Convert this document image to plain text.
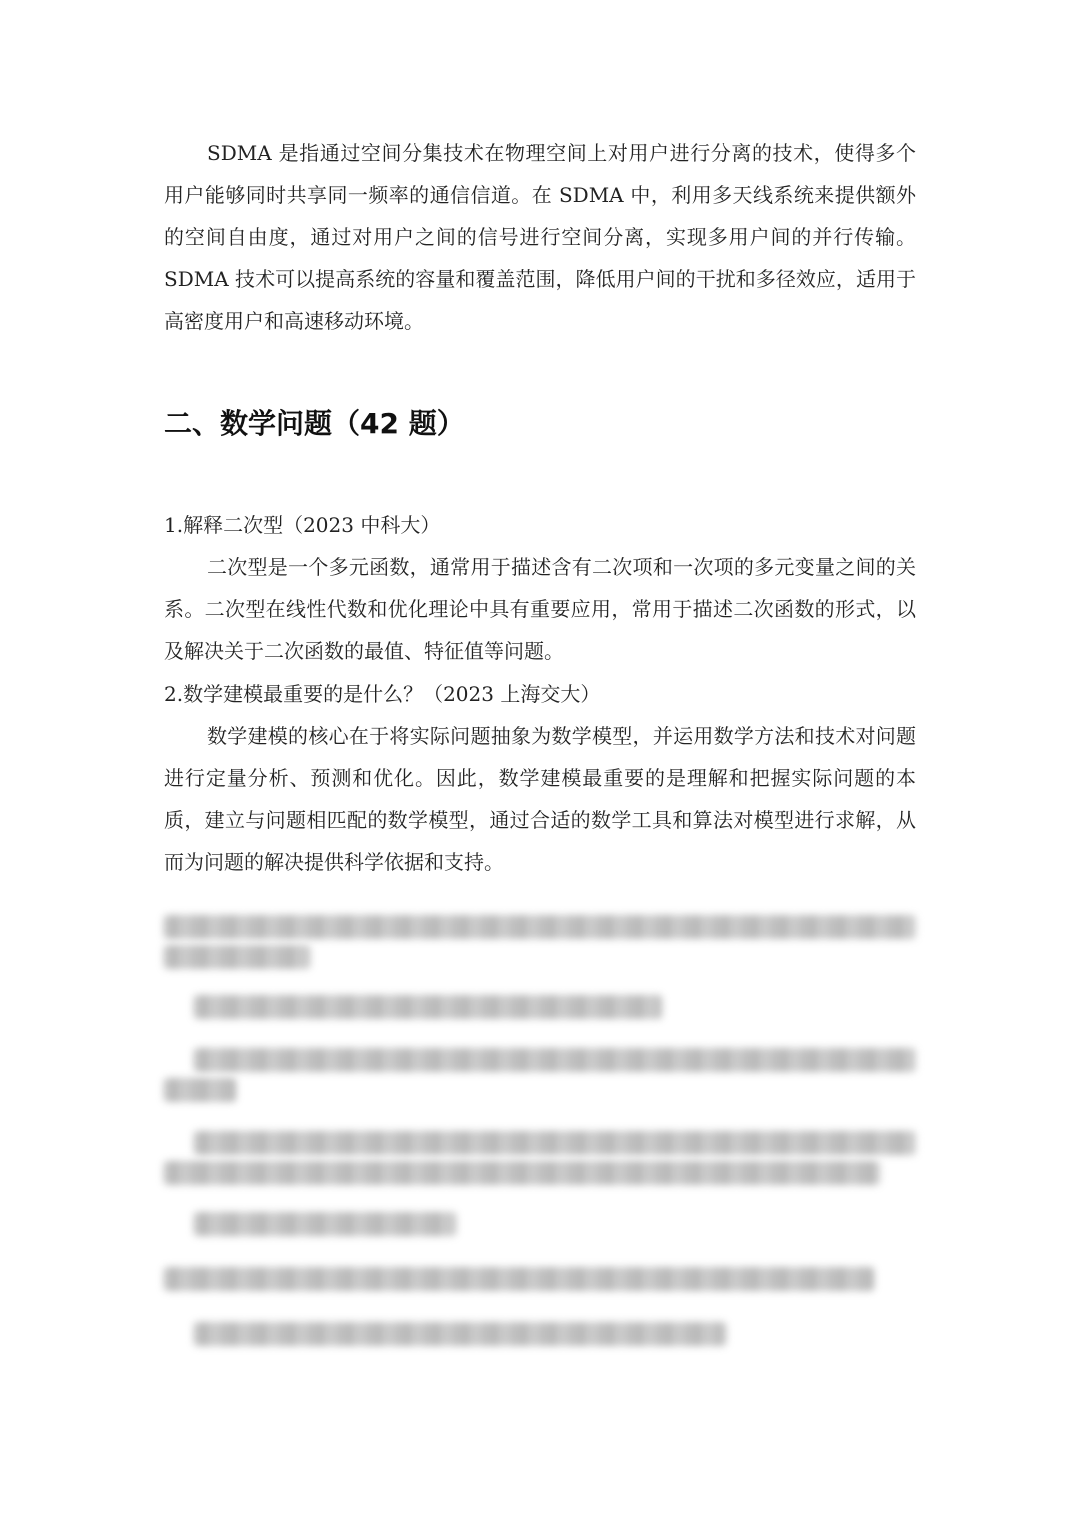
SDMA 是指通过空间分集技术在物理空间上对用户进行分离的技术，使得多个用户能够同时共享同一频率的通信信道。在 SDMA 中，利用多天线系统来提供额外的空间自由度，通过对用户之间的信号进行空间分离，实现多用户间的并行传输。SDMA 技术可以提高系统的容量和覆盖范围，降低用户间的干扰和多径效应，适用于高密度用户和高速移动环境。

二、数学问题（42 题）

1.解释二次型（2023 中科大）

二次型是一个多元函数，通常用于描述含有二次项和一次项的多元变量之间的关系。二次型在线性代数和优化理论中具有重要应用，常用于描述二次函数的形式，以及解决关于二次函数的最值、特征值等问题。

2.数学建模最重要的是什么？（2023 上海交大）

数学建模的核心在于将实际问题抽象为数学模型，并运用数学方法和技术对问题进行定量分析、预测和优化。因此，数学建模最重要的是理解和把握实际问题的本质，建立与问题相匹配的数学模型，通过合适的数学工具和算法对模型进行求解，从而为问题的解决提供科学依据和支持。
